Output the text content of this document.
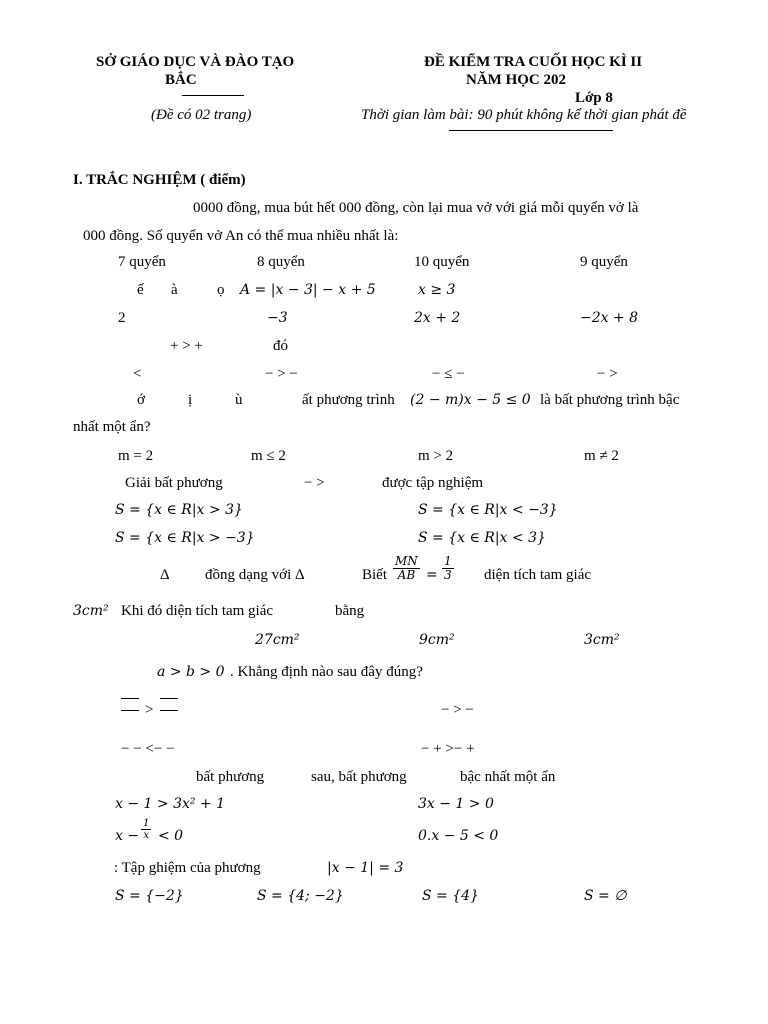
SỞ GIÁO DỤC VÀ ĐÀO TẠO
BẮC
(Đề có 02 trang)
ĐỀ KIỂM TRA CUỐI HỌC KÌ II
NĂM HỌC 202
Lớp 8
Thời gian làm bài: 90 phút không kể thời gian phát đề
I. TRẮC NGHIỆM ( điểm)
0000 đồng, mua bút hết 000 đồng, còn lại mua vở với giá mỗi quyển vở là
000 đồng. Số quyển vở An có thể mua nhiều nhất là:
7 quyển	8 quyển	10 quyển	9 quyển
ế à	ọ A = |x − 3| − x + 5	x ≥ 3
2	−3	2x + 2	−2x + 8
+ > +	đó
<	− > −	− ≤ −	− >
ớ	ị	ù	ất phương trình (2 − m)x − 5 ≤ 0 là bất phương trình bậc
nhất một ẩn?
m = 2	m ≤ 2	m > 2	m ≠ 2
Giải bất phương	− >	được tập nghiệm
S = {x ∈ R|x > 3}	S = {x ∈ R|x < −3}
S = {x ∈ R|x > −3}	S = {x ∈ R|x < 3}
Δ đồng dạng với Δ	Biết $\frac{MN}{AB} = \frac{1}{3}$ diện tích tam giác
3cm² Khi đó diện tích tam giác	bằng
27cm²	9cm²	3cm²
a > b > 0 . Khẳng định nào sau đây đúng?
>	− > −
− − <− −	− + >− +
bất phương	sau, bất phương	bậc nhất một ẩn
x − 1 > 3x² + 1	3x − 1 > 0
$x - \frac{1}{x} < 0$	0.x − 5 < 0
: Tập ghiệm của phương	|x − 1| = 3
S = {−2}	S = {4; −2}	S = {4}	S = ∅
